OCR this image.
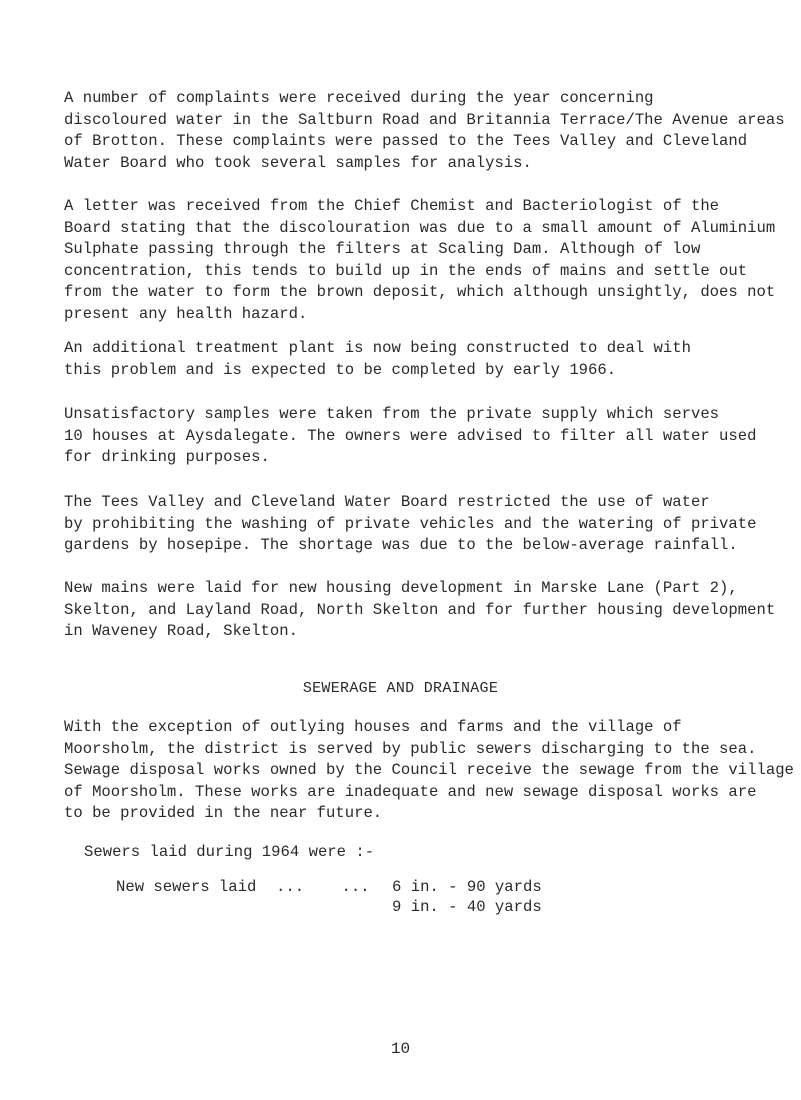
A number of complaints were received during the year concerning
discoloured water in the Saltburn Road and Britannia Terrace/The Avenue areas
of Brotton. These complaints were passed to the Tees Valley and Cleveland
Water Board who took several samples for analysis.

A letter was received from the Chief Chemist and Bacteriologist of the
Board stating that the discolouration was due to a small amount of Aluminium
Sulphate passing through the filters at Scaling Dam. Although of low
concentration, this tends to build up in the ends of mains and settle out
from the water to form the brown deposit, which although unsightly, does not
present any health hazard.

An additional treatment plant is now being constructed to deal with
this problem and is expected to be completed by early 1966.

Unsatisfactory samples were taken from the private supply which serves
10 houses at Aysdalegate. The owners were advised to filter all water used
for drinking purposes.

The Tees Valley and Cleveland Water Board restricted the use of water
by prohibiting the washing of private vehicles and the watering of private
gardens by hosepipe. The shortage was due to the below-average rainfall.

New mains were laid for new housing development in Marske Lane (Part 2),
Skelton, and Layland Road, North Skelton and for further housing development
in Waveney Road, Skelton.

SEWERAGE AND DRAINAGE

With the exception of outlying houses and farms and the village of
Moorsholm, the district is served by public sewers discharging to the sea.
Sewage disposal works owned by the Council receive the sewage from the village
of Moorsholm. These works are inadequate and new sewage disposal works are
to be provided in the near future.

Sewers laid during 1964 were :-
New sewers laid	...    ...	6 in. - 90 yards
9 in. - 40 yards
10
